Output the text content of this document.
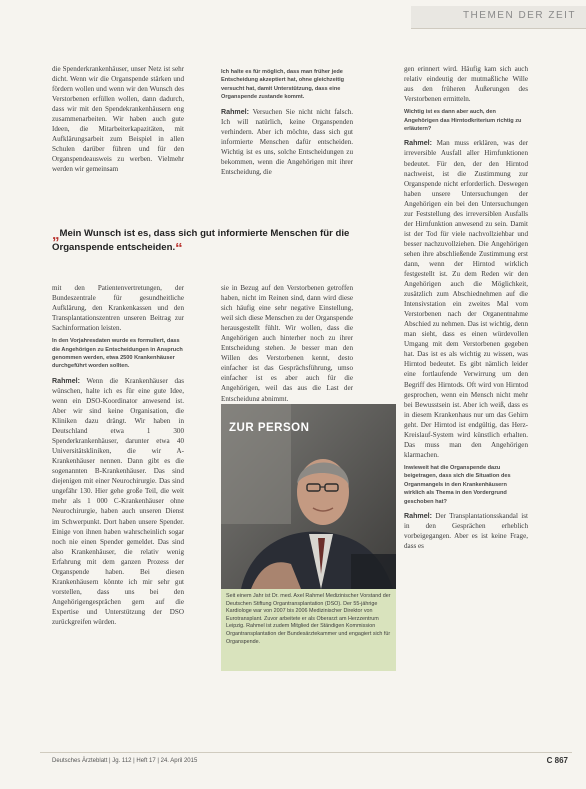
THEMEN DER ZEIT

die Spenderkrankenhäuser, unser Netz ist sehr dicht. Wenn wir die Organspende stärken und fördern wollen und wenn wir den Wunsch des Verstorbenen erfüllen wollen, dann dadurch, dass wir mit den Spendekrankenhäusern eng zusammenarbeiten. Wir haben auch gute Ideen, die Mitarbeiterkapazitäten, mit Aufklärungsarbeit zum Beispiel in allen Schulen darüber führen und für den Organspendeausweis zu werben. Vielmehr werden wir gemeinsam

Ich halte es für möglich, dass man früher jede Entscheidung akzeptiert hat, ohne gleichzeitig versucht hat, damit Unterstützung, dass eine Organspende zustande kommt.

Rahmel: Versuchen Sie nicht nicht falsch. Ich will natürlich, keine Organspenden verhindern. Aber ich möchte, dass sich gut informierte Menschen dafür entscheiden. Wichtig ist es uns, solche Entscheidungen zu bekommen, wenn die Angehörigen mit ihrer Entscheidung, die

„Mein Wunsch ist es, dass sich gut informierte Menschen für die Organspende entscheiden.“

mit den Patientenvertretungen, der Bundeszentrale für gesundheitliche Aufklärung, den Krankenkassen und den Transplantationszentren unseren Beitrag zur Sachinformation leisten.

In den Vorjahresdaten wurde es formuliert, dass die Angehörigen zu Entscheidungen in Anspruch genommen werden, etwa 2500 Krankenhäuser durchgeführt worden sollten.

Rahmel: Wenn die Krankenhäuser das wünschen, halte ich es für eine gute Idee, wenn ein DSO-Koordinator anwesend ist. Aber wir sind keine Organisation, die Kliniken dazu drängt. Wir haben in Deutschland etwa 1 300 Spenderkrankenhäuser, darunter etwa 40 Universitätskliniken, die wir A-Krankenhäuser nennen. Dann gibt es die sogenannten B-Krankenhäuser. Das sind diejenigen mit einer Neurochirurgie. Das sind ungefähr 130. Hier gehe große Teil, die weit mehr als 1 000 C-Krankenhäuser ohne Neurochirurgie, haben auch unseren Dienst im Schwerpunkt. Dort haben unsere Spender. Einige von ihnen haben wahrscheinlich sogar noch nie einen Spender gemeldet. Das sind also Krankenhäuser, die relativ wenig Erfahrung mit dem ganzen Prozess der Organspende haben. Bei diesen Krankenhäusern könnte ich mir sehr gut vorstellen, dass uns bei den Angehörigengesprächen gern auf die Expertise und Unterstützung der DSO zurückgreifen würden.

sie in Bezug auf den Verstorbenen getroffen haben, nicht im Reinen sind, dann wird diese sich häufig eine sehr negative Einstellung, weil sich diese Menschen zu der Organspende herausgestellt fühlt. Wir wollen, dass die Angehörigen auch hinterher noch zu ihrer Entscheidung stehen. Je besser man den Willen des Verstorbenen kennt, desto einfacher ist das Gesprächsführung, umso einfacher ist es aber auch für die Angehörigen, weil das aus die Last der Entscheidung abnimmt.

ZUR PERSON
Seit einem Jahr ist Dr. med. Axel Rahmel Medizinischer Vorstand der Deutschen Stiftung Organtransplantation (DSO). Der 55-jährige Kardiologe war von 2007 bis 2006 Medizinischer Direktor von Eurotransplant. Zuvor arbeitete er als Oberarzt am Herzzentrum Leipzig. Rahmel ist zudem Mitglied der Ständigen Kommission Organtransplantation der Bundesärztekammer und engagiert sich für Organspende.

gen erinnert wird. Häufig kam sich auch relativ eindeutig der mutmaßliche Wille aus den früheren Äußerungen des Verstorbenen ermitteln.

Wichtig ist es dann aber auch, den Angehörigen das Hirntodkriterium richtig zu erläutern?

Rahmel: Man muss erklären, was der irreversible Ausfall aller Hirnfunktionen bedeutet. Für den, der den Hirntod nachweist, ist die Zustimmung zur Organspende nicht erforderlich. Deswegen haben unsere Untersuchungen der Angehörigen ein bei den Untersuchungen zur Feststellung des irreversiblen Ausfalls der Hirnfunktion anwesend zu sein. Damit ist der Tod für viele nachvollziehbar und besser nachzuvollziehen. Die Angehörigen sehen ihre abschließende Zustimmung erst dann, wenn der Hirntod wirklich festgestellt ist. Zu dem Reden wir den Angehörigen auch die Möglichkeit, zusätzlich zum Abschiednehmen auf die Intensivstation ein zweites Mal vom Verstorbenen nach der Organentnahme Abschied zu nehmen. Das ist wichtig, denn man sieht, dass es einen würdevollen Umgang mit dem Verstorbenen gegeben hat. Das ist es als wichtig zu wissen, was Hirntod bedeutet. Es gibt nämlich leider eine fortlaufende Verwirrung um den Begriff des Hirntods. Oft wird von Hirntod gesprochen, wenn ein Mensch nicht mehr bei Bewusstsein ist. Aber ich weiß, dass es in diesem Krankenhaus nur um das Gehirn geht. Der Hirntod ist endgültig, das Herz-Kreislauf-System wird künstlich erhalten. Das muss man den Angehörigen klarmachen.

Inwieweit hat die Organspende dazu beigetragen, dass sich die Situation des Organmangels in den Krankenhäusern wirklich als Thema in den Vordergrund geschoben hat?

Rahmel: Der Transplantationsskandal ist in den Gesprächen erheblich vorbeigegangen. Aber es ist keine Frage, dass es

Deutsches Ärzteblatt | Jg. 112 | Heft 17 | 24. April 2015	C 867
